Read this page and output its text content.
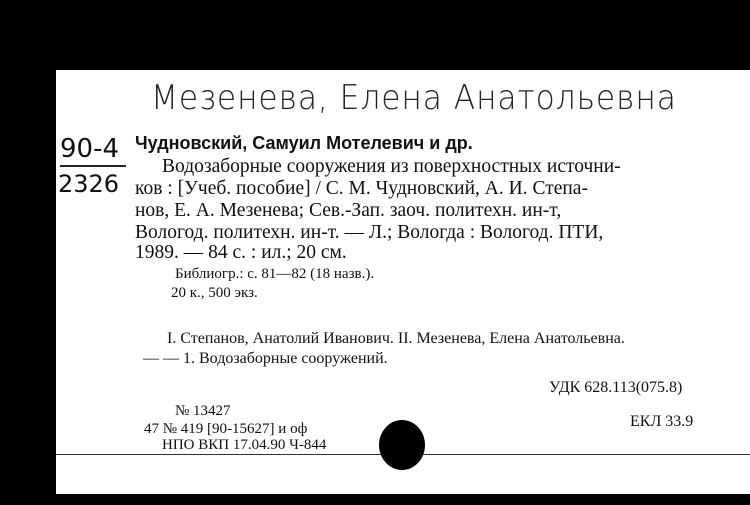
Мезенева, Елена Анатольевна
90-4
2326
Чудновский, Самуил Мотелевич и др.
Водозаборные сооружения из поверхностных источни-
ков : [Учеб. пособие] / С. М. Чудновский, А. И. Степа-
нов, Е. А. Мезенева; Сев.-Зап. заоч. политехн. ин-т,
Вологод. политехн. ин-т. — Л.; Вологда : Вологод. ПТИ,
1989. — 84 с. : ил.; 20 см.
Библиогр.: с. 81—82 (18 назв.).
20 к., 500 экз.
I. Степанов, Анатолий Иванович. II. Мезенева, Елена Анатольевна.
— — 1. Водозаборные сооружений.
УДК 628.113(075.8)
ЕКЛ 33.9
№ 13427
47 № 419 [90-15627] и оф
НПО ВКП 17.04.90 Ч-844
